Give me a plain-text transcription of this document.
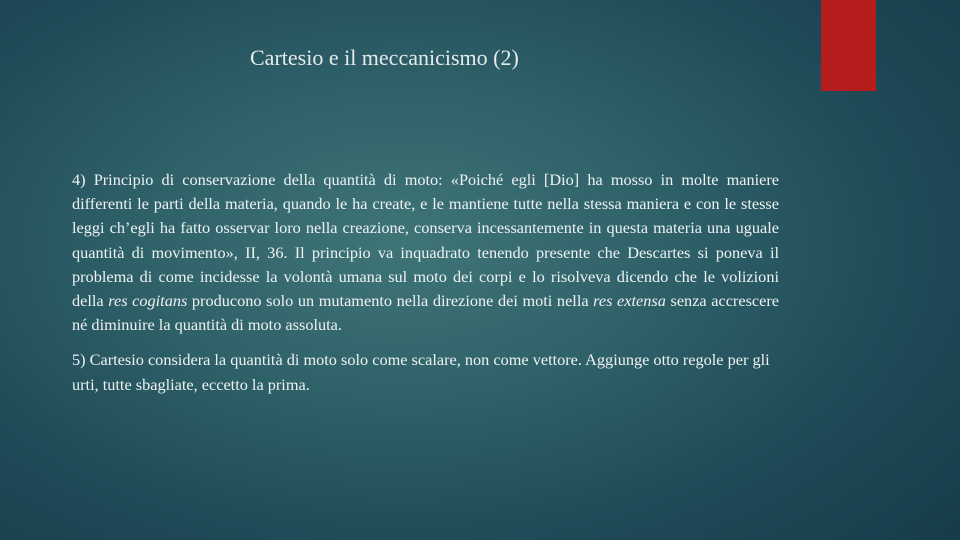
Cartesio e il meccanicismo (2)

4) Principio di conservazione della quantità di moto: «Poiché egli [Dio] ha mosso in molte maniere differenti le parti della materia, quando le ha create, e le mantiene tutte nella stessa maniera e con le stesse leggi ch’egli ha fatto osservar loro nella creazione, conserva incessantemente in questa materia una uguale quantità di movimento», II, 36. Il principio va inquadrato tenendo presente che Descartes si poneva il problema di come incidesse la volontà umana sul moto dei corpi e lo risolveva dicendo che le volizioni della res cogitans producono solo un mutamento nella direzione dei moti nella res extensa senza accrescere né diminuire la quantità di moto assoluta.

5) Cartesio considera la quantità di moto solo come scalare, non come vettore. Aggiunge otto regole per gli urti, tutte sbagliate, eccetto la prima.
